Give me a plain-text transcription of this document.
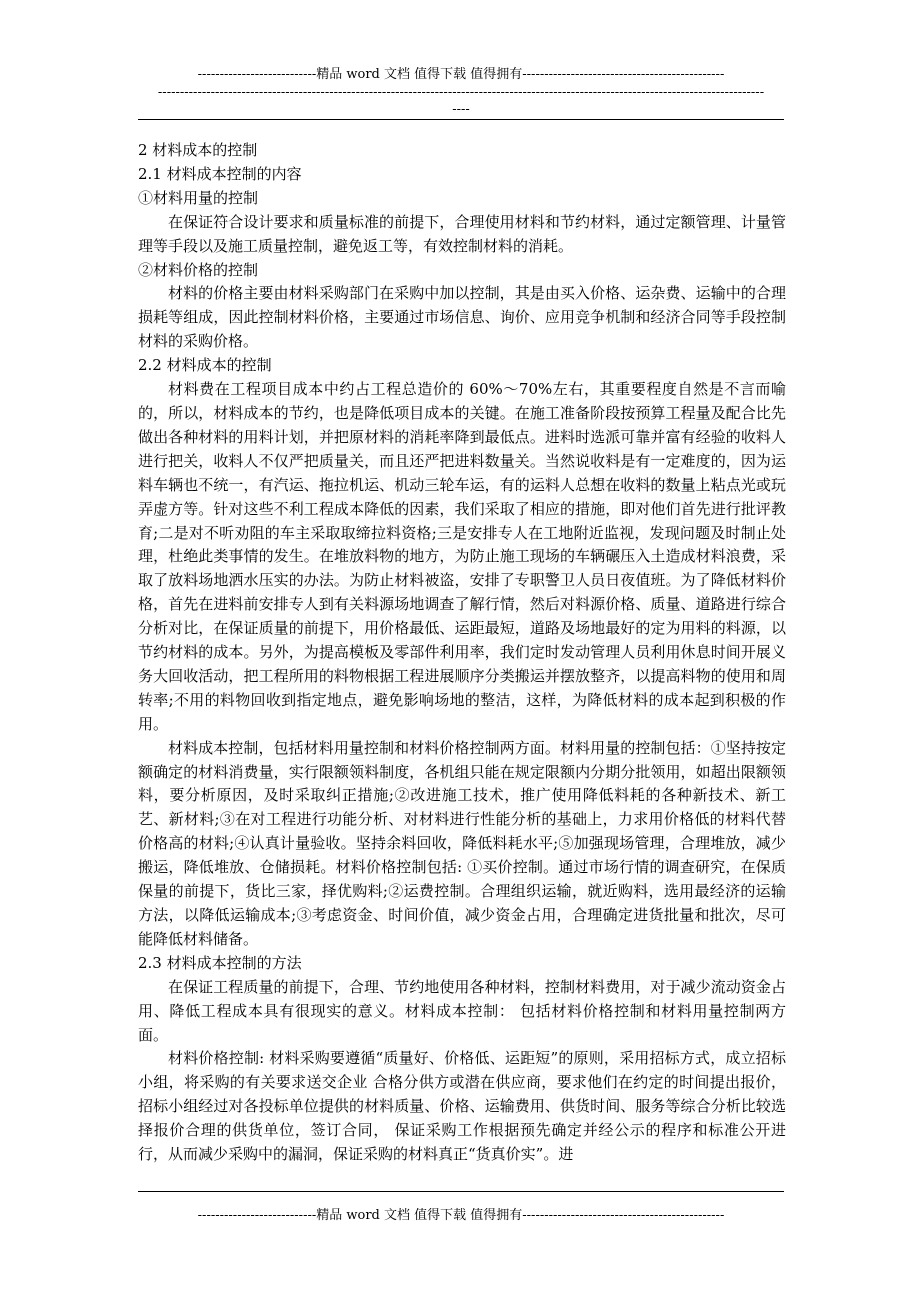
---------------------------精品 word 文档 值得下载 值得拥有----------------------------------------------
------------------------------------------------------------------------------------------------------------------------------------------
----

2 材料成本的控制

2.1 材料成本控制的内容

①材料用量的控制

在保证符合设计要求和质量标准的前提下，合理使用材料和节约材料，通过定额管理、计量管理等手段以及施工质量控制，避免返工等，有效控制材料的消耗。

②材料价格的控制

材料的价格主要由材料采购部门在采购中加以控制，其是由买入价格、运杂费、运输中的合理损耗等组成，因此控制材料价格，主要通过市场信息、询价、应用竞争机制和经济合同等手段控制材料的采购价格。

2.2 材料成本的控制

材料费在工程项目成本中约占工程总造价的 60%～70%左右，其重要程度自然是不言而喻的，所以，材料成本的节约，也是降低项目成本的关键。在施工准备阶段按预算工程量及配合比先做出各种材料的用料计划，并把原材料的消耗率降到最低点。进料时选派可靠并富有经验的收料人进行把关，收料人不仅严把质量关，而且还严把进料数量关。当然说收料是有一定难度的，因为运料车辆也不统一，有汽运、拖拉机运、机动三轮车运，有的运料人总想在收料的数量上粘点光或玩弄虚方等。针对这些不利工程成本降低的因素，我们采取了相应的措施，即对他们首先进行批评教育;二是对不听劝阻的车主采取取缔拉料资格;三是安排专人在工地附近监视，发现问题及时制止处理，杜绝此类事情的发生。在堆放料物的地方，为防止施工现场的车辆碾压入土造成材料浪费，采取了放料场地洒水压实的办法。为防止材料被盗，安排了专职警卫人员日夜值班。为了降低材料价格，首先在进料前安排专人到有关料源场地调查了解行情，然后对料源价格、质量、道路进行综合分析对比，在保证质量的前提下，用价格最低、运距最短，道路及场地最好的定为用料的料源，以节约材料的成本。另外，为提高模板及零部件利用率，我们定时发动管理人员利用休息时间开展义务大回收活动，把工程所用的料物根据工程进展顺序分类搬运并摆放整齐，以提高料物的使用和周转率;不用的料物回收到指定地点，避免影响场地的整洁，这样，为降低材料的成本起到积极的作用。

材料成本控制，包括材料用量控制和材料价格控制两方面。材料用量的控制包括：①坚持按定额确定的材料消费量，实行限额领料制度，各机组只能在规定限额内分期分批领用，如超出限额领料，要分析原因，及时采取纠正措施;②改进施工技术，推广使用降低料耗的各种新技术、新工艺、新材料;③在对工程进行功能分析、对材料进行性能分析的基础上，力求用价格低的材料代替价格高的材料;④认真计量验收。坚持余料回收，降低料耗水平;⑤加强现场管理，合理堆放，减少搬运，降低堆放、仓储损耗。材料价格控制包括: ①买价控制。通过市场行情的调查研究，在保质保量的前提下，货比三家，择优购料;②运费控制。合理组织运输，就近购料，选用最经济的运输方法，以降低运输成本;③考虑资金、时间价值，减少资金占用，合理确定进货批量和批次，尽可能降低材料储备。

2.3 材料成本控制的方法

在保证工程质量的前提下，合理、节约地使用各种材料，控制材料费用，对于减少流动资金占用、降低工程成本具有很现实的意义。材料成本控制： 包括材料价格控制和材料用量控制两方面。

材料价格控制: 材料采购要遵循“质量好、价格低、运距短”的原则，采用招标方式，成立招标小组，将采购的有关要求送交企业 合格分供方或潜在供应商，要求他们在约定的时间提出报价，招标小组经过对各投标单位提供的材料质量、价格、运输费用、供货时间、服务等综合分析比较选择报价合理的供货单位，签订合同， 保证采购工作根据预先确定并经公示的程序和标准公开进行，从而减少采购中的漏洞，保证采购的材料真正“货真价实”。进

---------------------------精品 word 文档 值得下载 值得拥有----------------------------------------------
